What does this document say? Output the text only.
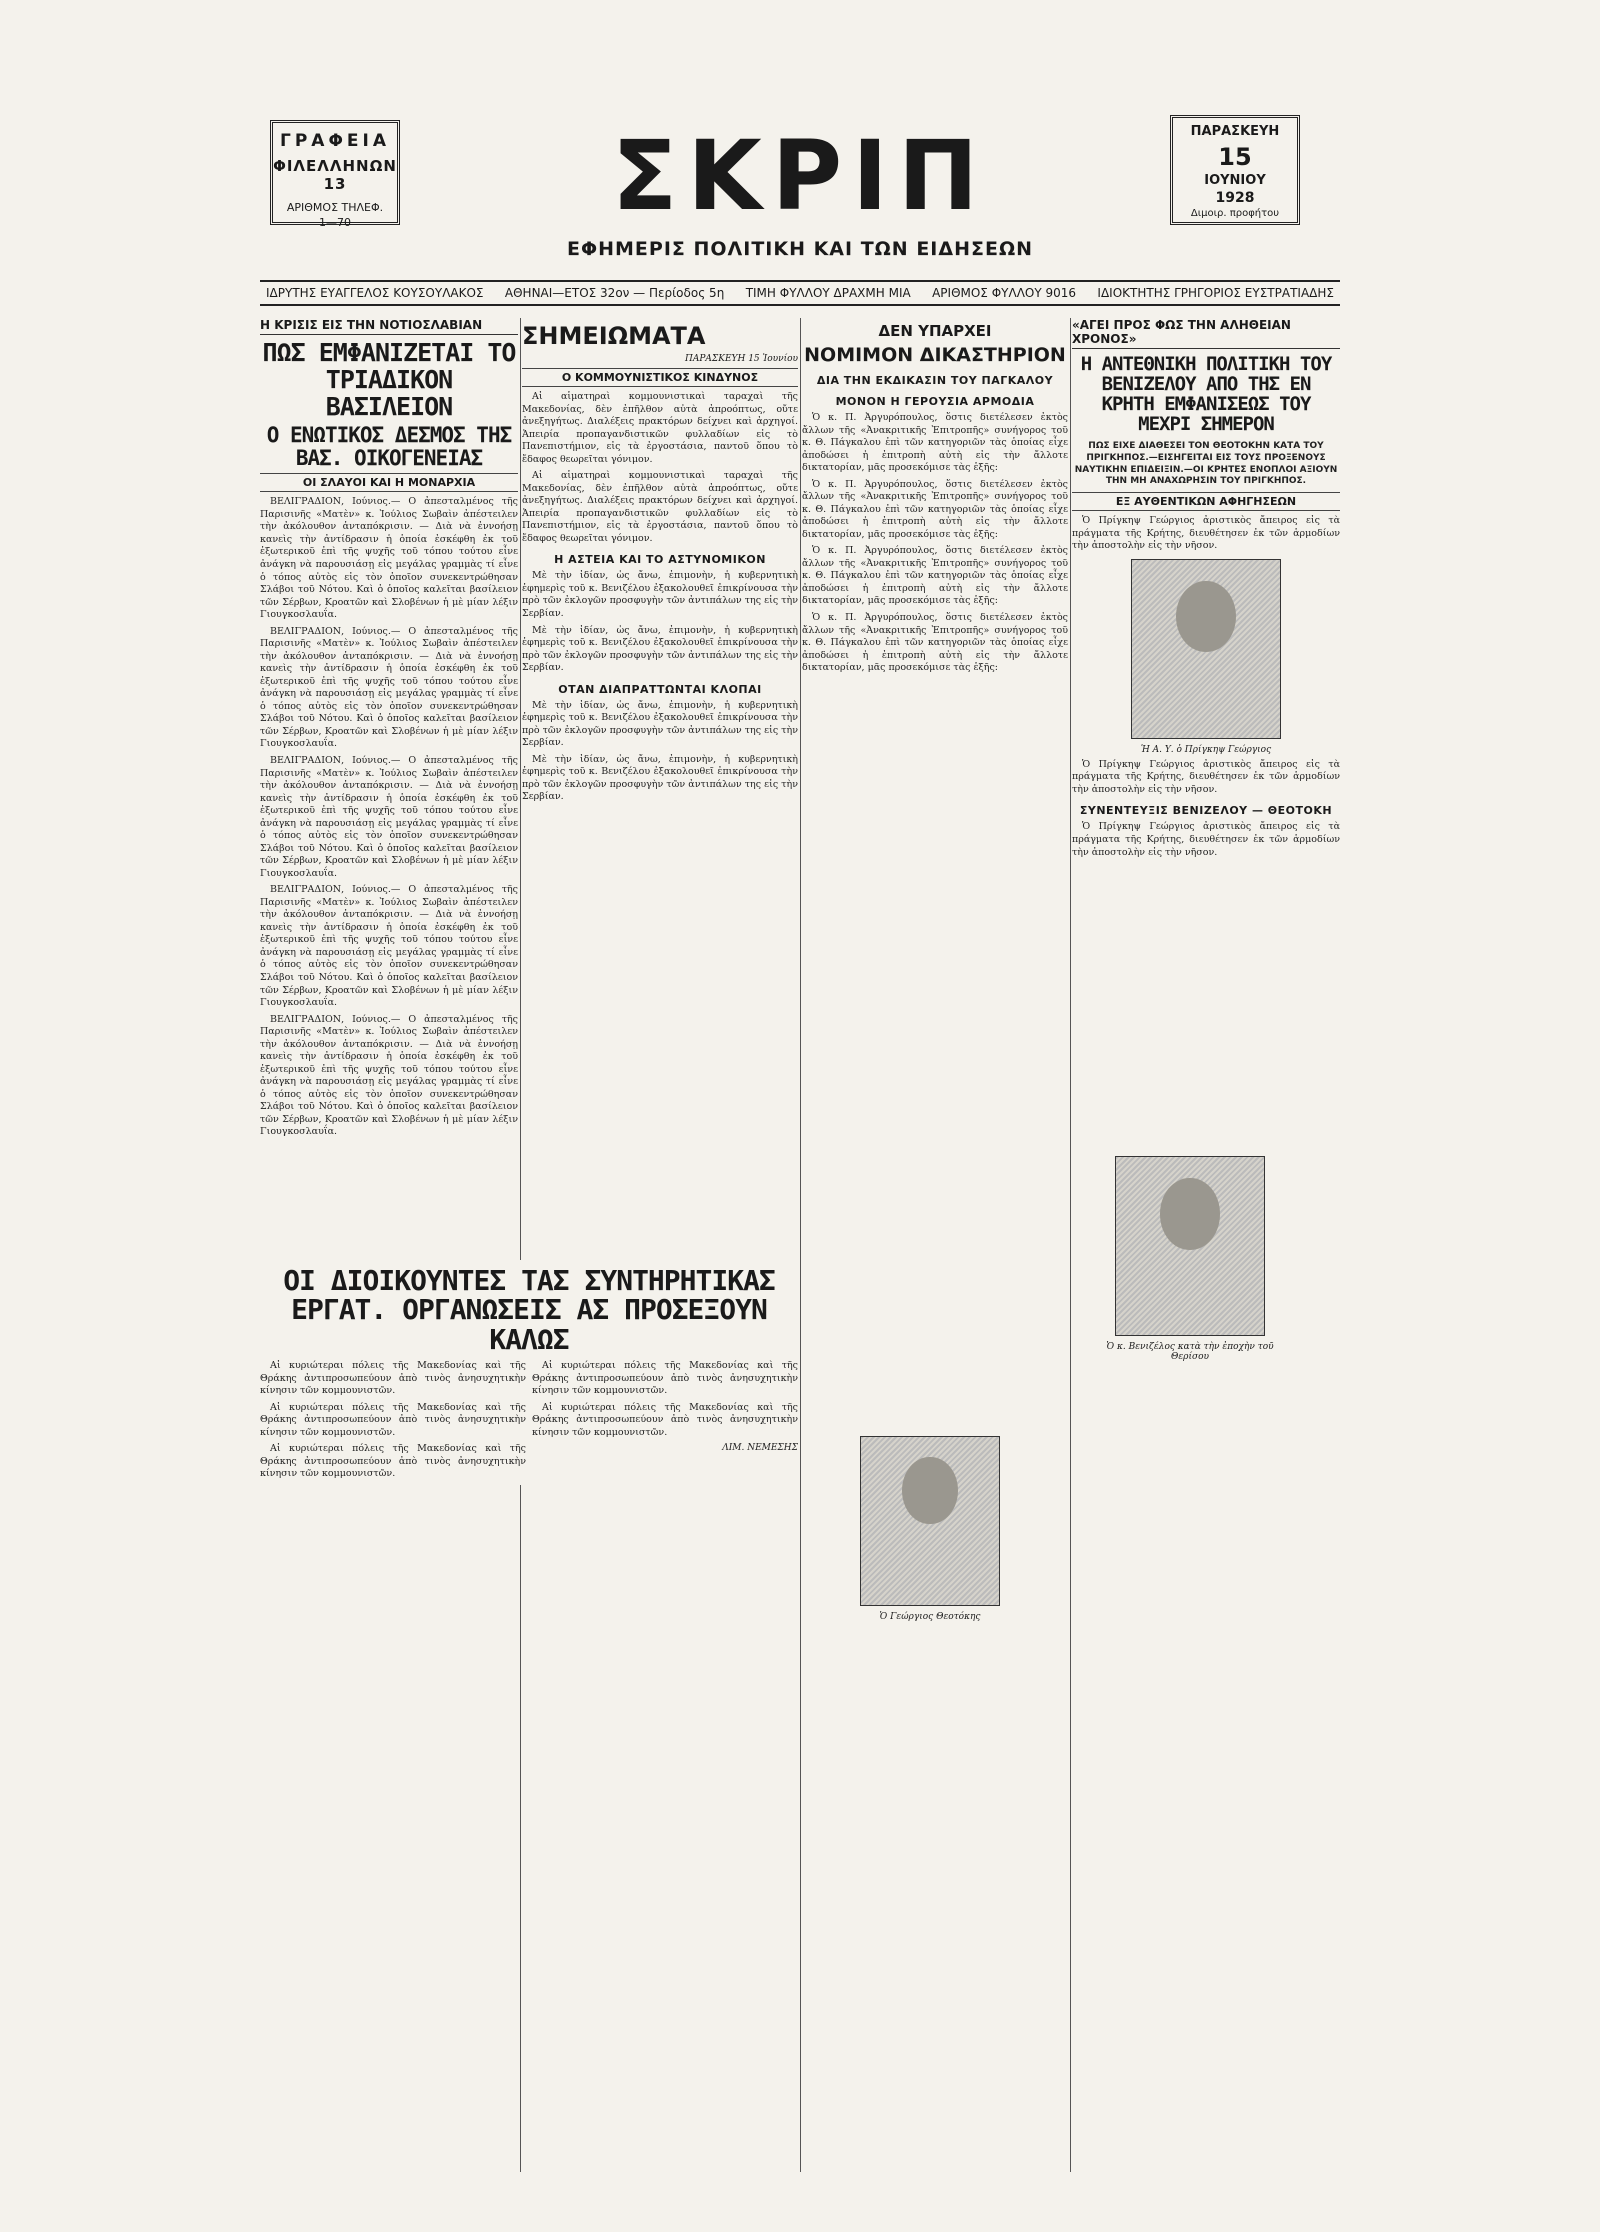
ΓΡΑΦΕΙΑ
ΦΙΛΕΛΛΗΝΩΝ 13
ΑΡΙΘΜΟΣ ΤΗΛΕΦ.
1—70	ΣΚΡΙΠ
ΕΦΗΜΕΡΙΣ ΠΟΛΙΤΙΚΗ ΚΑΙ ΤΩΝ ΕΙΔΗΣΕΩΝ
ΠΑΡΑΣΚΕΥΗ
15
ΙΟΥΝΙΟΥ
1928
Διμοιρ. προφήτου
ΙΔΡΥΤΗΣ ΕΥΑΓΓΕΛΟΣ ΚΟΥΣΟΥΛΑΚΟΣ ΑΘΗΝΑΙ—ΕΤΟΣ 32ον — Περίοδος 5η ΤΙΜΗ ΦΥΛΛΟΥ ΔΡΑΧΜΗ ΜΙΑ ΑΡΙΘΜΟΣ ΦΥΛΛΟΥ 9016 ΙΔΙΟΚΤΗΤΗΣ ΓΡΗΓΟΡΙΟΣ ΕΥΣΤΡΑΤΙΑΔΗΣ
Η ΚΡΙΣΙΣ ΕΙΣ ΤΗΝ ΝΟΤΙΟΣΛΑΒΙΑΝ
ΠΩΣ ΕΜΦΑΝΙΖΕΤΑΙ ΤΟ ΤΡΙΑΔΙΚΟΝ ΒΑΣΙΛΕΙΟΝ
Ο ΕΝΩΤΙΚΟΣ ΔΕΣΜΟΣ ΤΗΣ ΒΑΣ. ΟΙΚΟΓΕΝΕΙΑΣ
ΟΙ ΣΛΑΥΟΙ ΚΑΙ Η ΜΟΝΑΡΧΙΑ

ΒΕΛΙΓΡΑΔΙΟΝ, Ιούνιος.— Ο ἀπεσταλμένος τῆς Παρισινῆς «Ματὲν» κ. Ἰούλιος Σωβαὶν ἀπέστειλεν τὴν ἀκόλουθον ἀνταπόκρισιν. — Διὰ νὰ ἐννοήσῃ κανεὶς τὴν ἀντίδρασιν ἡ ὁποία ἐσκέφθη ἐκ τοῦ ἐξωτερικοῦ ἐπὶ τῆς ψυχῆς τοῦ τόπου τούτου εἶνε ἀνάγκη νὰ παρουσιάσῃ εἰς μεγάλας γραμμὰς τί εἶνε ὁ τόπος αὐτὸς εἰς τὸν ὁποῖον συνεκεντρώθησαν Σλάβοι τοῦ Νότου. Καὶ ὁ ὁποῖος καλεῖται βασίλειον τῶν Σέρβων, Κροατῶν καὶ Σλοβένων ἡ μὲ μίαν λέξιν Γιουγκοσλαυΐα.

ΒΕΛΙΓΡΑΔΙΟΝ, Ιούνιος.— Ο ἀπεσταλμένος τῆς Παρισινῆς «Ματὲν» κ. Ἰούλιος Σωβαὶν ἀπέστειλεν τὴν ἀκόλουθον ἀνταπόκρισιν. — Διὰ νὰ ἐννοήσῃ κανεὶς τὴν ἀντίδρασιν ἡ ὁποία ἐσκέφθη ἐκ τοῦ ἐξωτερικοῦ ἐπὶ τῆς ψυχῆς τοῦ τόπου τούτου εἶνε ἀνάγκη νὰ παρουσιάσῃ εἰς μεγάλας γραμμὰς τί εἶνε ὁ τόπος αὐτὸς εἰς τὸν ὁποῖον συνεκεντρώθησαν Σλάβοι τοῦ Νότου. Καὶ ὁ ὁποῖος καλεῖται βασίλειον τῶν Σέρβων, Κροατῶν καὶ Σλοβένων ἡ μὲ μίαν λέξιν Γιουγκοσλαυΐα.

ΒΕΛΙΓΡΑΔΙΟΝ, Ιούνιος.— Ο ἀπεσταλμένος τῆς Παρισινῆς «Ματὲν» κ. Ἰούλιος Σωβαὶν ἀπέστειλεν τὴν ἀκόλουθον ἀνταπόκρισιν. — Διὰ νὰ ἐννοήσῃ κανεὶς τὴν ἀντίδρασιν ἡ ὁποία ἐσκέφθη ἐκ τοῦ ἐξωτερικοῦ ἐπὶ τῆς ψυχῆς τοῦ τόπου τούτου εἶνε ἀνάγκη νὰ παρουσιάσῃ εἰς μεγάλας γραμμὰς τί εἶνε ὁ τόπος αὐτὸς εἰς τὸν ὁποῖον συνεκεντρώθησαν Σλάβοι τοῦ Νότου. Καὶ ὁ ὁποῖος καλεῖται βασίλειον τῶν Σέρβων, Κροατῶν καὶ Σλοβένων ἡ μὲ μίαν λέξιν Γιουγκοσλαυΐα.

ΒΕΛΙΓΡΑΔΙΟΝ, Ιούνιος.— Ο ἀπεσταλμένος τῆς Παρισινῆς «Ματὲν» κ. Ἰούλιος Σωβαὶν ἀπέστειλεν τὴν ἀκόλουθον ἀνταπόκρισιν. — Διὰ νὰ ἐννοήσῃ κανεὶς τὴν ἀντίδρασιν ἡ ὁποία ἐσκέφθη ἐκ τοῦ ἐξωτερικοῦ ἐπὶ τῆς ψυχῆς τοῦ τόπου τούτου εἶνε ἀνάγκη νὰ παρουσιάσῃ εἰς μεγάλας γραμμὰς τί εἶνε ὁ τόπος αὐτὸς εἰς τὸν ὁποῖον συνεκεντρώθησαν Σλάβοι τοῦ Νότου. Καὶ ὁ ὁποῖος καλεῖται βασίλειον τῶν Σέρβων, Κροατῶν καὶ Σλοβένων ἡ μὲ μίαν λέξιν Γιουγκοσλαυΐα.

ΒΕΛΙΓΡΑΔΙΟΝ, Ιούνιος.— Ο ἀπεσταλμένος τῆς Παρισινῆς «Ματὲν» κ. Ἰούλιος Σωβαὶν ἀπέστειλεν τὴν ἀκόλουθον ἀνταπόκρισιν. — Διὰ νὰ ἐννοήσῃ κανεὶς τὴν ἀντίδρασιν ἡ ὁποία ἐσκέφθη ἐκ τοῦ ἐξωτερικοῦ ἐπὶ τῆς ψυχῆς τοῦ τόπου τούτου εἶνε ἀνάγκη νὰ παρουσιάσῃ εἰς μεγάλας γραμμὰς τί εἶνε ὁ τόπος αὐτὸς εἰς τὸν ὁποῖον συνεκεντρώθησαν Σλάβοι τοῦ Νότου. Καὶ ὁ ὁποῖος καλεῖται βασίλειον τῶν Σέρβων, Κροατῶν καὶ Σλοβένων ἡ μὲ μίαν λέξιν Γιουγκοσλαυΐα.

ΣΗΜΕΙΩΜΑΤΑ
ΠΑΡΑΣΚΕΥΗ 15 Ἰουνίου
Ο ΚΟΜΜΟΥΝΙΣΤΙΚΟΣ ΚΙΝΔΥΝΟΣ

Αἱ αἱματηραὶ κομμουνιστικαὶ ταραχαὶ τῆς Μακεδονίας, δὲν ἐπῆλθον αὐτὰ ἀπροόπτως, οὔτε ἀνεξηγήτως. Διαλέξεις πρακτόρων δείχνει καὶ ἀρχηγοί. Ἀπειρία προπαγανδιστικῶν φυλλαδίων εἰς τὸ Πανεπιστήμιον, εἰς τὰ ἐργοστάσια, παντοῦ ὅπου τὸ ἔδαφος θεωρεῖται γόνιμον.

Αἱ αἱματηραὶ κομμουνιστικαὶ ταραχαὶ τῆς Μακεδονίας, δὲν ἐπῆλθον αὐτὰ ἀπροόπτως, οὔτε ἀνεξηγήτως. Διαλέξεις πρακτόρων δείχνει καὶ ἀρχηγοί. Ἀπειρία προπαγανδιστικῶν φυλλαδίων εἰς τὸ Πανεπιστήμιον, εἰς τὰ ἐργοστάσια, παντοῦ ὅπου τὸ ἔδαφος θεωρεῖται γόνιμον.

Η ΑΣΤΕΙΑ ΚΑΙ ΤΟ ΑΣΤΥΝΟΜΙΚΟΝ

Μὲ τὴν ἰδίαν, ὡς ἄνω, ἐπιμονὴν, ἡ κυβερνητικὴ ἐφημερὶς τοῦ κ. Βενιζέλου ἐξακολουθεῖ ἐπικρίνουσα τὴν πρὸ τῶν ἐκλογῶν προσφυγὴν τῶν ἀντιπάλων της εἰς τὴν Σερβίαν.

Μὲ τὴν ἰδίαν, ὡς ἄνω, ἐπιμονὴν, ἡ κυβερνητικὴ ἐφημερὶς τοῦ κ. Βενιζέλου ἐξακολουθεῖ ἐπικρίνουσα τὴν πρὸ τῶν ἐκλογῶν προσφυγὴν τῶν ἀντιπάλων της εἰς τὴν Σερβίαν.

ΟΤΑΝ ΔΙΑΠΡΑΤΤΩΝΤΑΙ ΚΛΟΠΑΙ

Μὲ τὴν ἰδίαν, ὡς ἄνω, ἐπιμονὴν, ἡ κυβερνητικὴ ἐφημερὶς τοῦ κ. Βενιζέλου ἐξακολουθεῖ ἐπικρίνουσα τὴν πρὸ τῶν ἐκλογῶν προσφυγὴν τῶν ἀντιπάλων της εἰς τὴν Σερβίαν.

Μὲ τὴν ἰδίαν, ὡς ἄνω, ἐπιμονὴν, ἡ κυβερνητικὴ ἐφημερὶς τοῦ κ. Βενιζέλου ἐξακολουθεῖ ἐπικρίνουσα τὴν πρὸ τῶν ἐκλογῶν προσφυγὴν τῶν ἀντιπάλων της εἰς τὴν Σερβίαν.

ΔΕΝ ΥΠΑΡΧΕΙ
ΝΟΜΙΜΟΝ ΔΙΚΑΣΤΗΡΙΟΝ
ΔΙΑ ΤΗΝ ΕΚΔΙΚΑΣΙΝ ΤΟΥ ΠΑΓΚΑΛΟΥ
ΜΟΝΟΝ Η ΓΕΡΟΥΣΙΑ ΑΡΜΟΔΙΑ

Ὁ κ. Π. Ἀργυρόπουλος, ὅστις διετέλεσεν ἐκτὸς ἄλλων τῆς «Ἀνακριτικῆς Ἐπιτροπῆς» συνήγορος τοῦ κ. Θ. Πάγκαλου ἐπὶ τῶν κατηγοριῶν τὰς ὁποίας εἶχε ἀποδώσει ἡ ἐπιτροπὴ αὐτὴ εἰς τὴν ἄλλοτε δικτατορίαν, μᾶς προσεκόμισε τὰς ἑξῆς:

Ὁ κ. Π. Ἀργυρόπουλος, ὅστις διετέλεσεν ἐκτὸς ἄλλων τῆς «Ἀνακριτικῆς Ἐπιτροπῆς» συνήγορος τοῦ κ. Θ. Πάγκαλου ἐπὶ τῶν κατηγοριῶν τὰς ὁποίας εἶχε ἀποδώσει ἡ ἐπιτροπὴ αὐτὴ εἰς τὴν ἄλλοτε δικτατορίαν, μᾶς προσεκόμισε τὰς ἑξῆς:

Ὁ κ. Π. Ἀργυρόπουλος, ὅστις διετέλεσεν ἐκτὸς ἄλλων τῆς «Ἀνακριτικῆς Ἐπιτροπῆς» συνήγορος τοῦ κ. Θ. Πάγκαλου ἐπὶ τῶν κατηγοριῶν τὰς ὁποίας εἶχε ἀποδώσει ἡ ἐπιτροπὴ αὐτὴ εἰς τὴν ἄλλοτε δικτατορίαν, μᾶς προσεκόμισε τὰς ἑξῆς:

Ὁ κ. Π. Ἀργυρόπουλος, ὅστις διετέλεσεν ἐκτὸς ἄλλων τῆς «Ἀνακριτικῆς Ἐπιτροπῆς» συνήγορος τοῦ κ. Θ. Πάγκαλου ἐπὶ τῶν κατηγοριῶν τὰς ὁποίας εἶχε ἀποδώσει ἡ ἐπιτροπὴ αὐτὴ εἰς τὴν ἄλλοτε δικτατορίαν, μᾶς προσεκόμισε τὰς ἑξῆς:

«ΑΓΕΙ ΠΡΟΣ ΦΩΣ ΤΗΝ ΑΛΗΘΕΙΑΝ ΧΡΟΝΟΣ»
Η ΑΝΤΕΘΝΙΚΗ ΠΟΛΙΤΙΚΗ ΤΟΥ ΒΕΝΙΖΕΛΟΥ ΑΠΟ ΤΗΣ ΕΝ ΚΡΗΤΗ ΕΜΦΑΝΙΣΕΩΣ ΤΟΥ ΜΕΧΡΙ ΣΗΜΕΡΟΝ
ΠΩΣ ΕΙΧΕ ΔΙΑΘΕΣΕΙ ΤΟΝ ΘΕΟΤΟΚΗΝ ΚΑΤΑ ΤΟΥ ΠΡΙΓΚΗΠΟΣ.—ΕΙΣΗΓΕΙΤΑΙ ΕΙΣ ΤΟΥΣ ΠΡΟΞΕΝΟΥΣ ΝΑΥΤΙΚΗΝ ΕΠΙΔΕΙΞΙΝ.—ΟΙ ΚΡΗΤΕΣ ΕΝΟΠΛΟΙ ΑΞΙΟΥΝ ΤΗΝ ΜΗ ΑΝΑΧΩΡΗΣΙΝ ΤΟΥ ΠΡΙΓΚΗΠΟΣ.
ΕΞ ΑΥΘΕΝΤΙΚΩΝ ΑΦΗΓΗΣΕΩΝ

Ὁ Πρίγκηψ Γεώργιος ἀριστικὸς ἄπειρος εἰς τὰ πράγματα τῆς Κρήτης, διευθέτησεν ἐκ τῶν ἁρμοδίων τὴν ἀποστολὴν εἰς τὴν νῆσον.

Ἡ Α. Υ. ὁ Πρίγκηψ Γεώργιος

Ὁ Πρίγκηψ Γεώργιος ἀριστικὸς ἄπειρος εἰς τὰ πράγματα τῆς Κρήτης, διευθέτησεν ἐκ τῶν ἁρμοδίων τὴν ἀποστολὴν εἰς τὴν νῆσον.

ΣΥΝΕΝΤΕΥΞΙΣ ΒΕΝΙΖΕΛΟΥ — ΘΕΟΤΟΚΗ

Ὁ Πρίγκηψ Γεώργιος ἀριστικὸς ἄπειρος εἰς τὰ πράγματα τῆς Κρήτης, διευθέτησεν ἐκ τῶν ἁρμοδίων τὴν ἀποστολὴν εἰς τὴν νῆσον.

ΟΙ ΔΙΟΙΚΟΥΝΤΕΣ ΤΑΣ ΣΥΝΤΗΡΗΤΙΚΑΣ ΕΡΓΑΤ. ΟΡΓΑΝΩΣΕΙΣ ΑΣ ΠΡΟΣΕΞΟΥΝ ΚΑΛΩΣ

Αἱ κυριώτεραι πόλεις τῆς Μακεδονίας καὶ τῆς Θράκης ἀντιπροσωπεύουν ἀπὸ τινὸς ἀνησυχητικὴν κίνησιν τῶν κομμουνιστῶν.

Αἱ κυριώτεραι πόλεις τῆς Μακεδονίας καὶ τῆς Θράκης ἀντιπροσωπεύουν ἀπὸ τινὸς ἀνησυχητικὴν κίνησιν τῶν κομμουνιστῶν.

Αἱ κυριώτεραι πόλεις τῆς Μακεδονίας καὶ τῆς Θράκης ἀντιπροσωπεύουν ἀπὸ τινὸς ἀνησυχητικὴν κίνησιν τῶν κομμουνιστῶν.

Αἱ κυριώτεραι πόλεις τῆς Μακεδονίας καὶ τῆς Θράκης ἀντιπροσωπεύουν ἀπὸ τινὸς ἀνησυχητικὴν κίνησιν τῶν κομμουνιστῶν.

Αἱ κυριώτεραι πόλεις τῆς Μακεδονίας καὶ τῆς Θράκης ἀντιπροσωπεύουν ἀπὸ τινὸς ἀνησυχητικὴν κίνησιν τῶν κομμουνιστῶν.

ΛΙΜ. ΝΕΜΕΣΗΣ
Ὁ Γεώργιος Θεοτόκης
Ὁ κ. Βενιζέλος κατὰ τὴν ἐποχὴν τοῦ Θερίσου
